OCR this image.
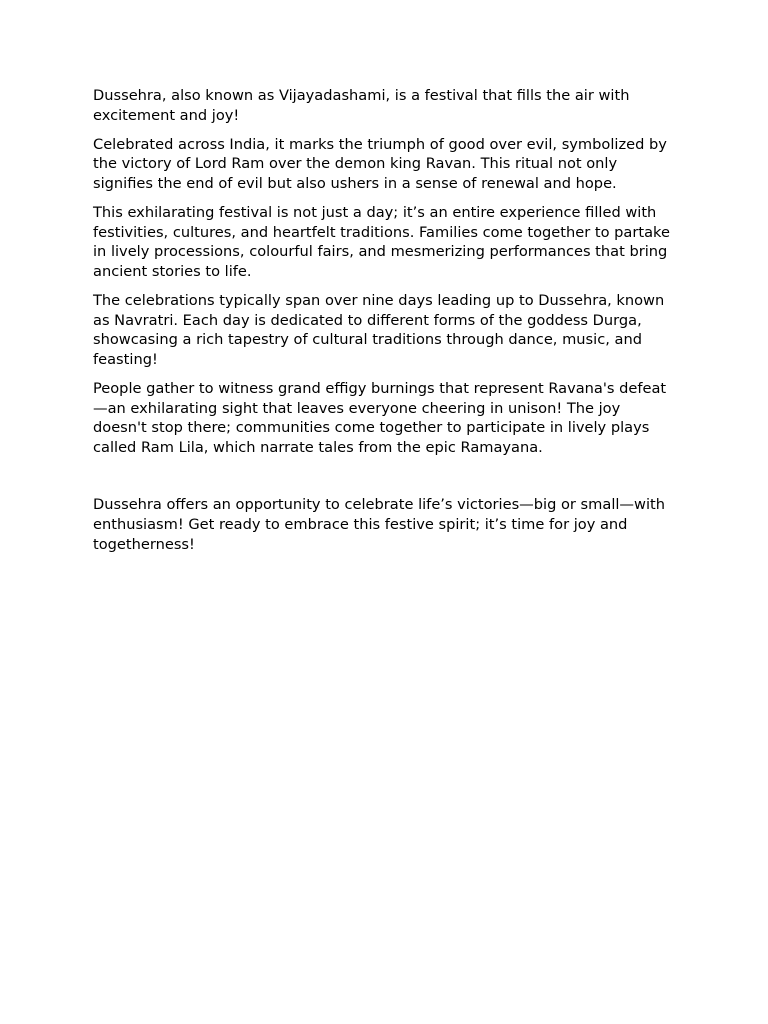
Dussehra, also known as Vijayadashami, is a festival that fills the air with excitement and joy!

Celebrated across India, it marks the triumph of good over evil, symbolized by the victory of Lord Ram over the demon king Ravan. This ritual not only signifies the end of evil but also ushers in a sense of renewal and hope.

This exhilarating festival is not just a day; it’s an entire experience filled with festivities, cultures, and heartfelt traditions. Families come together to partake in lively processions, colourful fairs, and mesmerizing performances that bring ancient stories to life.

The celebrations typically span over nine days leading up to Dussehra, known as Navratri. Each day is dedicated to different forms of the goddess Durga, showcasing a rich tapestry of cultural traditions through dance, music, and feasting!

People gather to witness grand effigy burnings that represent Ravana's defeat—an exhilarating sight that leaves everyone cheering in unison! The joy doesn't stop there; communities come together to participate in lively plays called Ram Lila, which narrate tales from the epic Ramayana.

Dussehra offers an opportunity to celebrate life’s victories—big or small—with enthusiasm! Get ready to embrace this festive spirit; it’s time for joy and togetherness!
